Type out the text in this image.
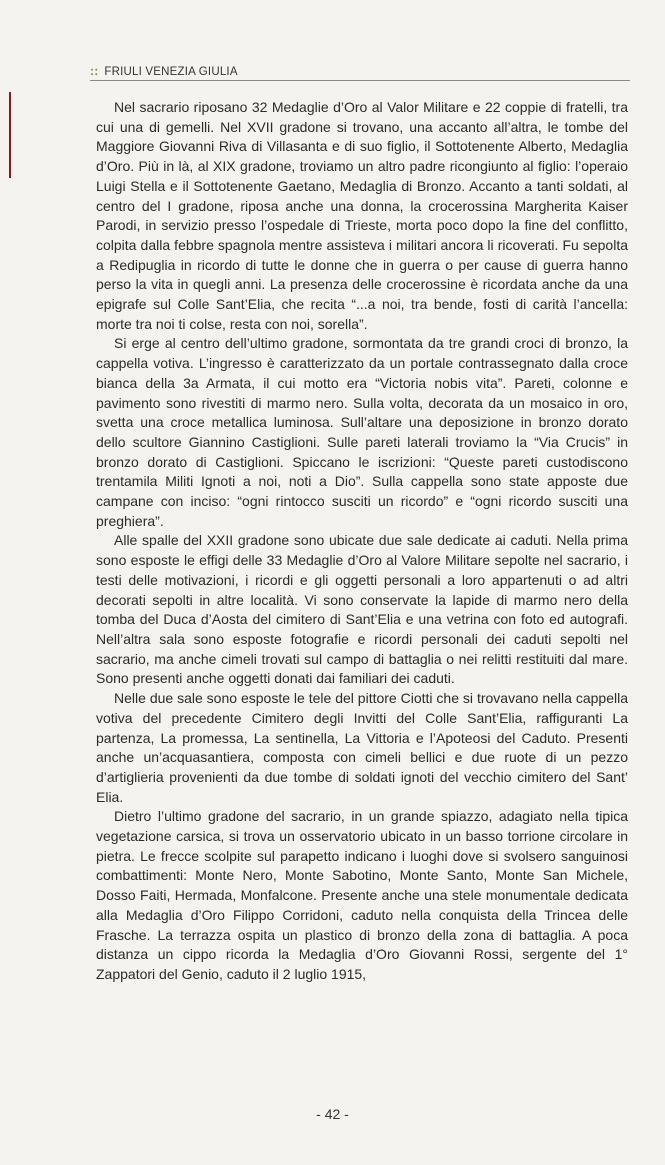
:: FRIULI VENEZIA GIULIA

Nel sacrario riposano 32 Medaglie d’Oro al Valor Militare e 22 coppie di fratelli, tra cui una di gemelli. Nel XVII gradone si trovano, una accanto all’altra, le tombe del Maggiore Giovanni Riva di Villasanta e di suo figlio, il Sottotenente Alberto, Medaglia d’Oro. Più in là, al XIX gradone, troviamo un altro padre ricongiunto al figlio: l’operaio Luigi Stella e il Sottotenente Gaetano, Medaglia di Bronzo. Accanto a tanti soldati, al centro del I gradone, riposa anche una donna, la crocerossina Margherita Kaiser Parodi, in servizio presso l’ospedale di Trieste, morta poco dopo la fine del conflitto, colpita dalla febbre spagnola mentre assisteva i militari ancora li ricoverati. Fu sepolta a Redipuglia in ricordo di tutte le donne che in guerra o per cause di guerra hanno perso la vita in quegli anni. La presenza delle crocerossine è ricordata anche da una epigrafe sul Colle Sant’Elia, che recita “...a noi, tra bende, fosti di carità l’ancella: morte tra noi ti colse, resta con noi, sorella”.

Si erge al centro dell’ultimo gradone, sormontata da tre grandi croci di bronzo, la cappella votiva. L’ingresso è caratterizzato da un portale contrassegnato dalla croce bianca della 3a Armata, il cui motto era “Victoria nobis vita”. Pareti, colonne e pavimento sono rivestiti di marmo nero. Sulla volta, decorata da un mosaico in oro, svetta una croce metallica luminosa. Sull’altare una deposizione in bronzo dorato dello scultore Giannino Castiglioni. Sulle pareti laterali troviamo la “Via Crucis” in bronzo dorato di Castiglioni. Spiccano le iscrizioni: “Queste pareti custodiscono trentamila Militi Ignoti a noi, noti a Dio”. Sulla cappella sono state apposte due campane con inciso: “ogni rintocco susciti un ricordo” e “ogni ricordo susciti una preghiera”.

Alle spalle del XXII gradone sono ubicate due sale dedicate ai caduti. Nella prima sono esposte le effigi delle 33 Medaglie d’Oro al Valore Militare sepolte nel sacrario, i testi delle motivazioni, i ricordi e gli oggetti personali a loro appartenuti o ad altri decorati sepolti in altre località. Vi sono conservate la lapide di marmo nero della tomba del Duca d’Aosta del cimitero di Sant’Elia e una vetrina con foto ed autografi. Nell’altra sala sono esposte fotografie e ricordi personali dei caduti sepolti nel sacrario, ma anche cimeli trovati sul campo di battaglia o nei relitti restituiti dal mare. Sono presenti anche oggetti donati dai familiari dei caduti.

Nelle due sale sono esposte le tele del pittore Ciotti che si trovavano nella cappella votiva del precedente Cimitero degli Invitti del Colle Sant’Elia, raffiguranti La partenza, La promessa, La sentinella, La Vittoria e l’Apoteosi del Caduto. Presenti anche un’acquasantiera, composta con cimeli bellici e due ruote di un pezzo d’artiglieria provenienti da due tombe di soldati ignoti del vecchio cimitero del Sant’ Elia.

Dietro l’ultimo gradone del sacrario, in un grande spiazzo, adagiato nella tipica vegetazione carsica, si trova un osservatorio ubicato in un basso torrione circolare in pietra. Le frecce scolpite sul parapetto indicano i luoghi dove si svolsero sanguinosi combattimenti: Monte Nero, Monte Sabotino, Monte Santo, Monte San Michele, Dosso Faiti, Hermada, Monfalcone. Presente anche una stele monumentale dedicata alla Medaglia d’Oro Filippo Corridoni, caduto nella conquista della Trincea delle Frasche. La terrazza ospita un plastico di bronzo della zona di battaglia. A poca distanza un cippo ricorda la Medaglia d’Oro Giovanni Rossi, sergente del 1° Zappatori del Genio, caduto il 2 luglio 1915,

- 42 -
